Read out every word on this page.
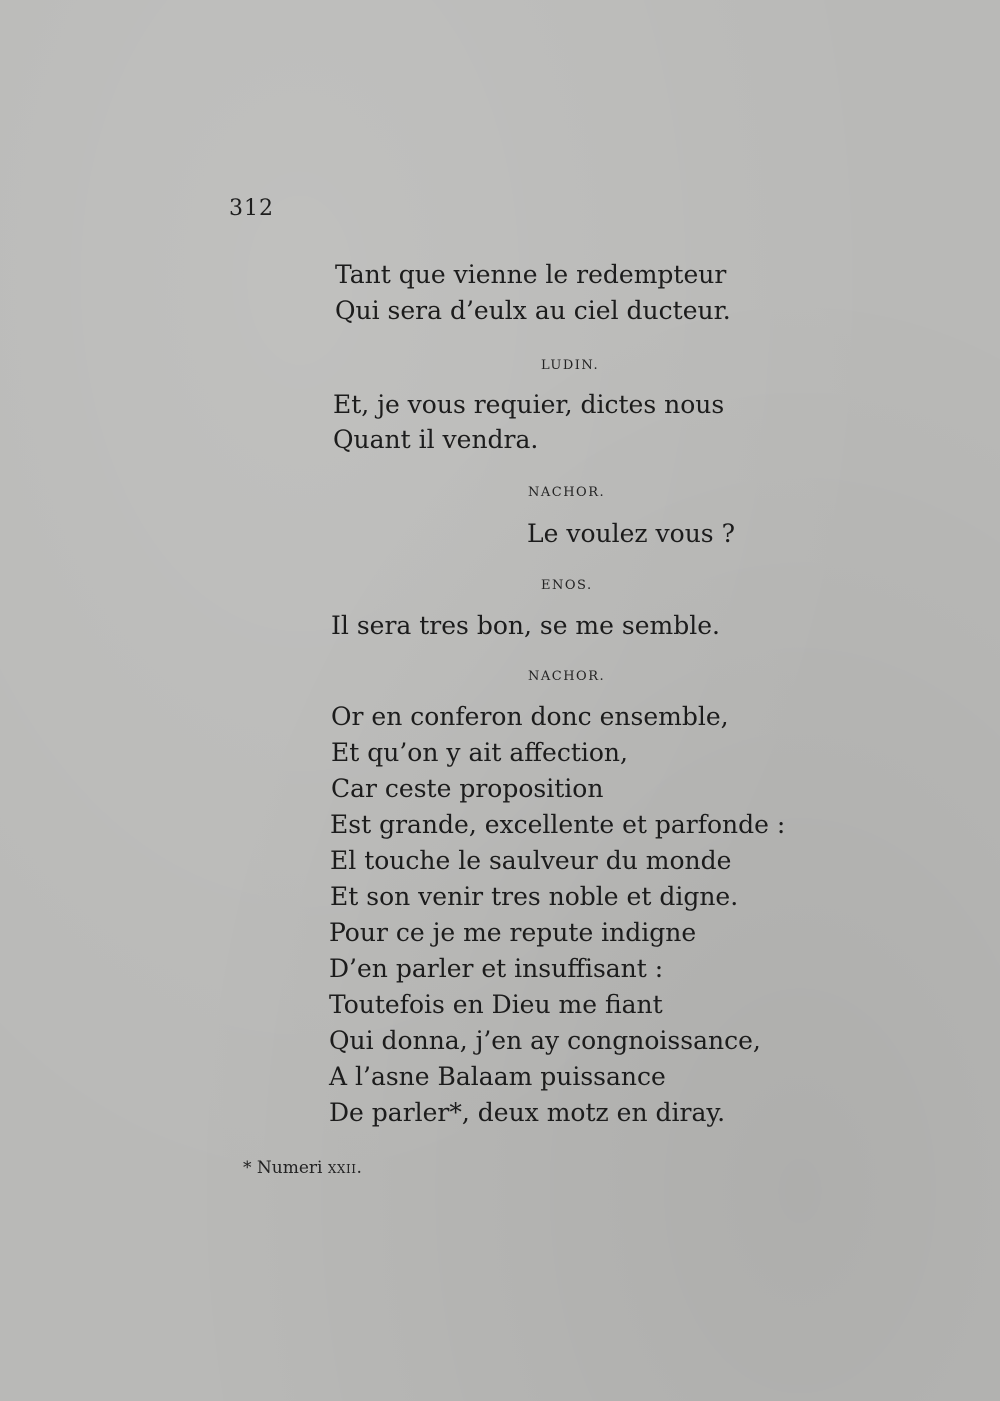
312
Tant que vienne le redempteur
Qui sera d’eulx au ciel ducteur.
LUDIN.
Et, je vous requier, dictes nous
Quant il vendra.
NACHOR.
Le voulez vous ?
ENOS.
Il sera tres bon, se me semble.
NACHOR.
Or en conferon donc ensemble,
Et qu’on y ait affection,
Car ceste proposition
Est grande, excellente et parfonde :
El touche le saulveur du monde
Et son venir tres noble et digne.
Pour ce je me repute indigne
D’en parler et insuffisant :
Toutefois en Dieu me fiant
Qui donna, j’en ay congnoissance,
A l’asne Balaam puissance
De parler*, deux motz en diray.
* Numeri xxii.
